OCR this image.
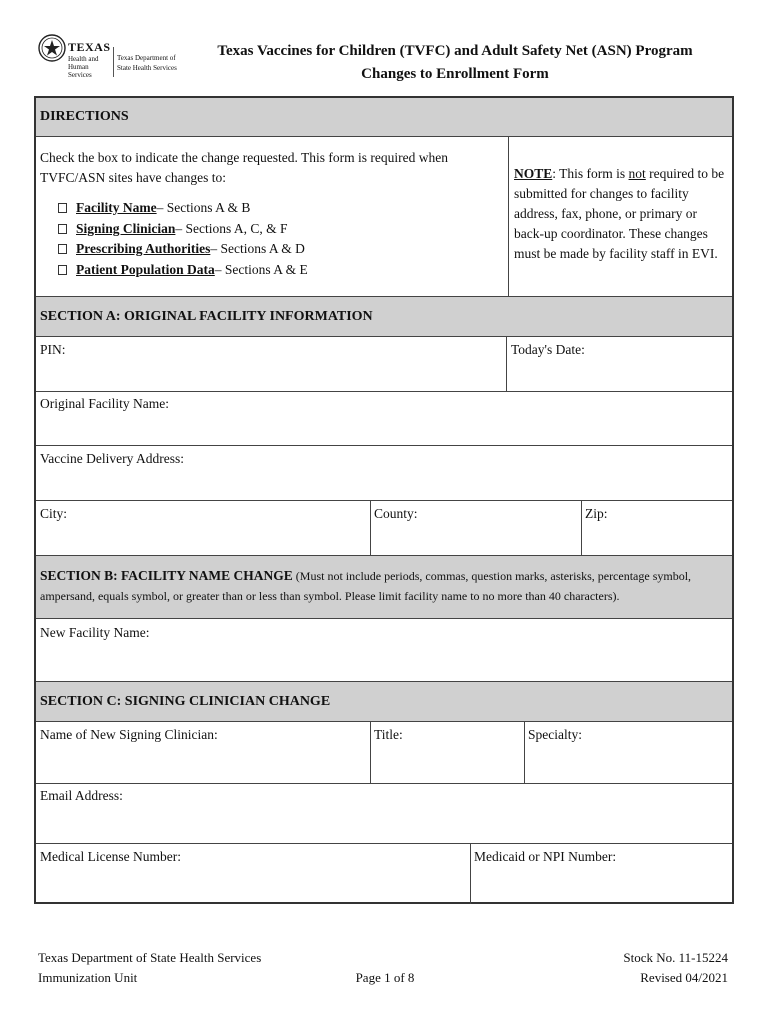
TEXAS
Health and Human Services
Texas Department of State Health Services
Texas Vaccines for Children (TVFC) and Adult Safety Net (ASN) Program
Changes to Enrollment Form
DIRECTIONS
Check the box to indicate the change requested. This form is required when TVFC/ASN sites have changes to:
Facility Name – Sections A & B
Signing Clinician – Sections A, C, & F
Prescribing Authorities – Sections A & D
Patient Population Data – Sections A & E
NOTE: This form is not required to be submitted for changes to facility address, fax, phone, or primary or back-up coordinator. These changes must be made by facility staff in EVI.
SECTION A: ORIGINAL FACILITY INFORMATION
PIN:	Today's Date:
Original Facility Name:
Vaccine Delivery Address:
City:	County:	Zip:
SECTION B: FACILITY NAME CHANGE (Must not include periods, commas, question marks, asterisks, percentage symbol, ampersand, equals symbol, or greater than or less than symbol. Please limit facility name to no more than 40 characters).
New Facility Name:
SECTION C: SIGNING CLINICIAN CHANGE
Name of New Signing Clinician:	Title:	Specialty:
Email Address:
Medical License Number:	Medicaid or NPI Number:
Texas Department of State Health Services
Immunization Unit	Page 1 of 8
Stock No. 11-15224
Revised 04/2021
